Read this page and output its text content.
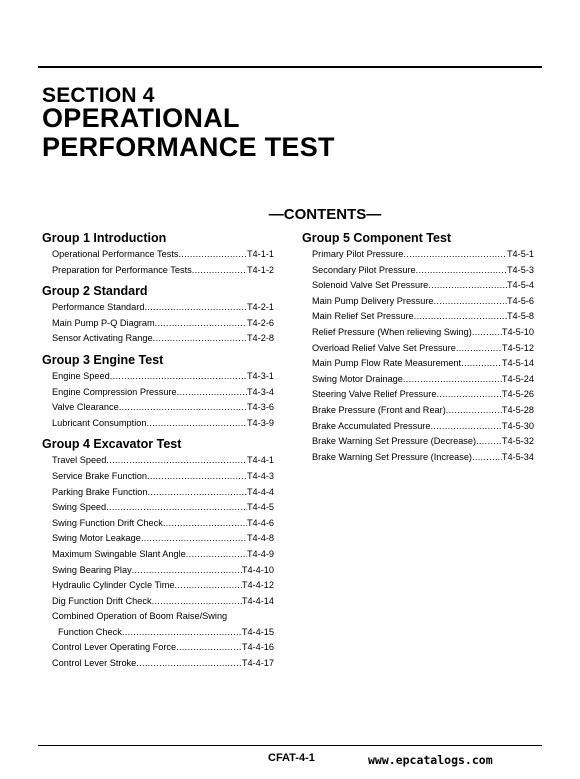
SECTION 4
OPERATIONAL
PERFORMANCE TEST
—CONTENTS—
Group 1 Introduction
Operational Performance Tests .....	T4-1-1
Preparation for Performance Tests .....	T4-1-2
Group 2 Standard
Performance Standard .....	T4-2-1
Main Pump P-Q Diagram .....	T4-2-6
Sensor Activating Range .....	T4-2-8
Group 3 Engine Test
Engine Speed .....	T4-3-1
Engine Compression Pressure .....	T4-3-4
Valve Clearance .....	T4-3-6
Lubricant Consumption .....	T4-3-9
Group 4 Excavator Test
Travel Speed .....	T4-4-1
Service Brake Function .....	T4-4-3
Parking Brake Function .....	T4-4-4
Swing Speed .....	T4-4-5
Swing Function Drift Check .....	T4-4-6
Swing Motor Leakage .....	T4-4-8
Maximum Swingable Slant Angle .....	T4-4-9
Swing Bearing Play .....	T4-4-10
Hydraulic Cylinder Cycle Time .....	T4-4-12
Dig Function Drift Check .....	T4-4-14
Combined Operation of Boom Raise/Swing
Function Check .....	T4-4-15
Control Lever Operating Force .....	T4-4-16
Control Lever Stroke .....	T4-4-17
Group 5 Component Test
Primary Pilot Pressure .....	T4-5-1
Secondary Pilot Pressure .....	T4-5-3
Solenoid Valve Set Pressure .....	T4-5-4
Main Pump Delivery Pressure .....	T4-5-6
Main Relief Set Pressure .....	T4-5-8
Relief Pressure (When relieving Swing) .....	T4-5-10
Overload Relief Valve Set Pressure .....	T4-5-12
Main Pump Flow Rate Measurement .....	T4-5-14
Swing Motor Drainage .....	T4-5-24
Steering Valve Relief Pressure .....	T4-5-26
Brake Pressure (Front and Rear) .....	T4-5-28
Brake Accumulated Pressure .....	T4-5-30
Brake Warning Set Pressure (Decrease) .....	T4-5-32
Brake Warning Set Pressure (Increase) .....	T4-5-34
CFAT-4-1	www.epcatalogs.com
